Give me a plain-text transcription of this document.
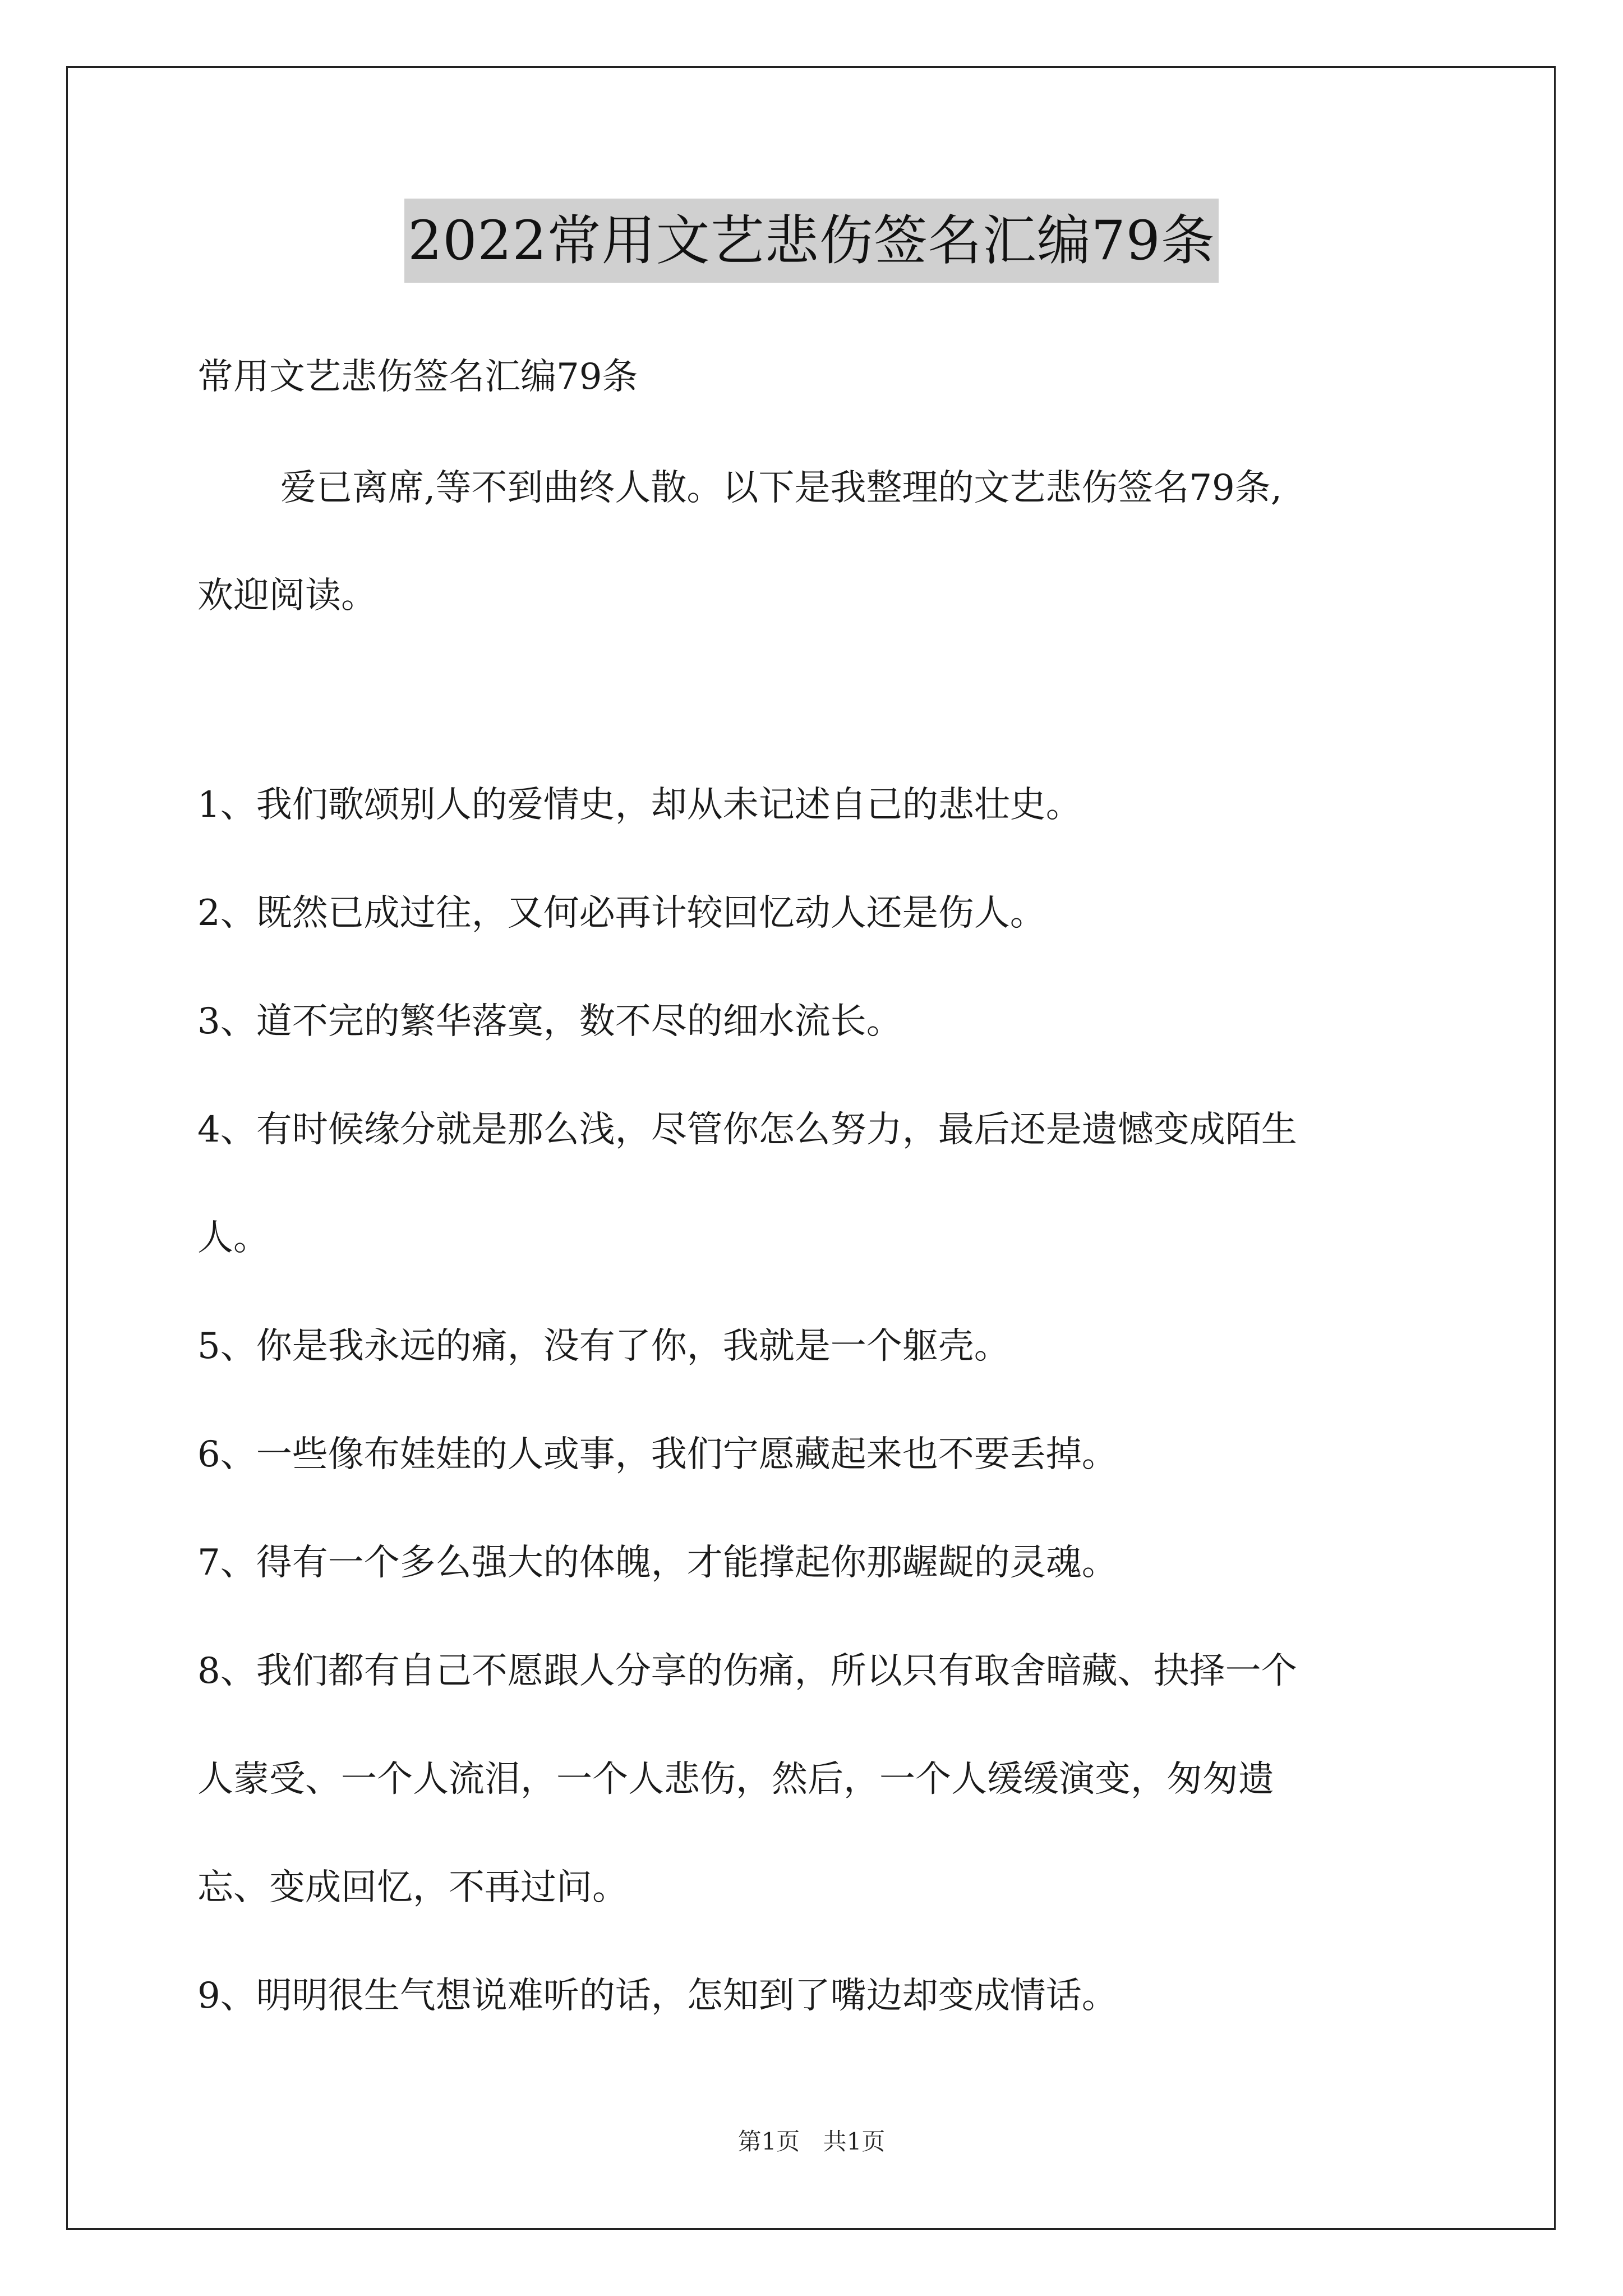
2022常用文艺悲伤签名汇编79条
常用文艺悲伤签名汇编79条
爱已离席,等不到曲终人散。以下是我整理的文艺悲伤签名79条,
欢迎阅读。
1、我们歌颂别人的爱情史，却从未记述自己的悲壮史。
2、既然已成过往，又何必再计较回忆动人还是伤人。
3、道不完的繁华落寞，数不尽的细水流长。
4、有时候缘分就是那么浅，尽管你怎么努力，最后还是遗憾变成陌生
人。
5、你是我永远的痛，没有了你，我就是一个躯壳。
6、一些像布娃娃的人或事，我们宁愿藏起来也不要丢掉。
7、得有一个多么强大的体魄，才能撑起你那龌龊的灵魂。
8、我们都有自己不愿跟人分享的伤痛，所以只有取舍暗藏、抉择一个
人蒙受、一个人流泪，一个人悲伤，然后，一个人缓缓演变，匆匆遗
忘、变成回忆，不再过问。
9、明明很生气想说难听的话，怎知到了嘴边却变成情话。
第1页 共1页
